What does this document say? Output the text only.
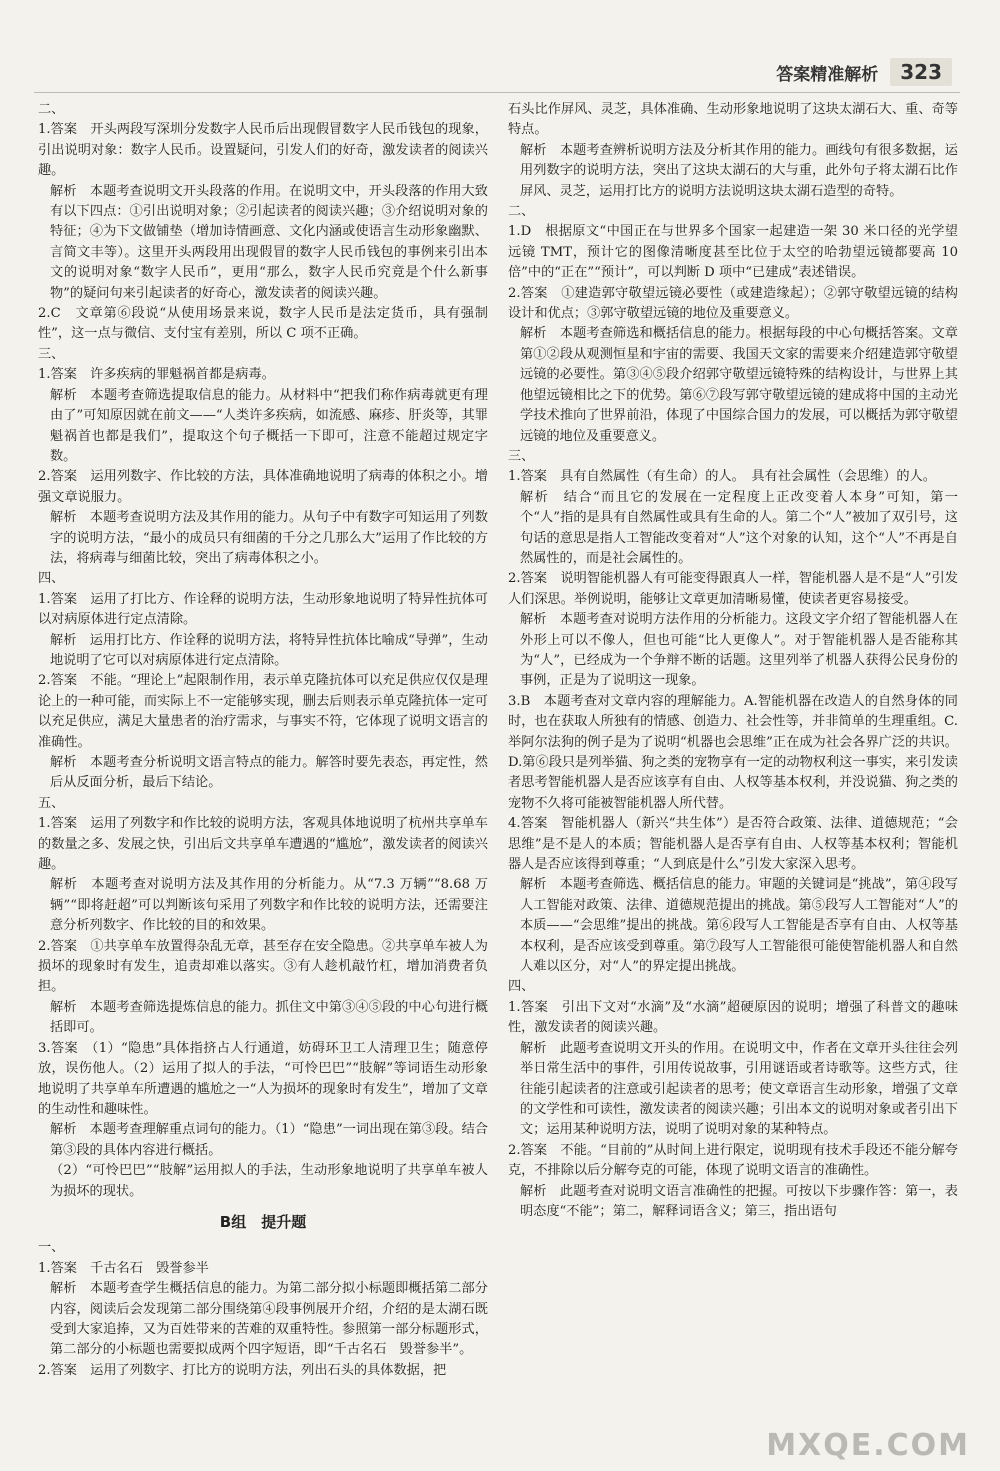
答案精准解析	323
二、
1.答案　开头两段写深圳分发数字人民币后出现假冒数字人民币钱包的现象，引出说明对象：数字人民币。设置疑问，引发人们的好奇，激发读者的阅读兴趣。
解析　本题考查说明文开头段落的作用。在说明文中，开头段落的作用大致有以下四点：①引出说明对象；②引起读者的阅读兴趣；③介绍说明对象的特征；④为下文做铺垫（增加诗情画意、文化内涵或使语言生动形象幽默、言简文丰等）。这里开头两段用出现假冒的数字人民币钱包的事例来引出本文的说明对象“数字人民币”，更用“那么，数字人民币究竟是个什么新事物”的疑问句来引起读者的好奇心，激发读者的阅读兴趣。
2.C　文章第⑥段说“从使用场景来说，数字人民币是法定货币，具有强制性”，这一点与微信、支付宝有差别，所以 C 项不正确。
三、
1.答案　许多疾病的罪魁祸首都是病毒。
解析　本题考查筛选提取信息的能力。从材料中“把我们称作病毒就更有理由了”可知原因就在前文——“人类许多疾病，如流感、麻疹、肝炎等，其罪魁祸首也都是我们”，提取这个句子概括一下即可，注意不能超过规定字数。
2.答案　运用列数字、作比较的方法，具体准确地说明了病毒的体积之小。增强文章说服力。
解析　本题考查说明方法及其作用的能力。从句子中有数字可知运用了列数字的说明方法，“最小的成员只有细菌的千分之几那么大”运用了作比较的方法，将病毒与细菌比较，突出了病毒体积之小。
四、
1.答案　运用了打比方、作诠释的说明方法，生动形象地说明了特异性抗体可以对病原体进行定点清除。
解析　运用打比方、作诠释的说明方法，将特异性抗体比喻成“导弹”，生动地说明了它可以对病原体进行定点清除。
2.答案　不能。“理论上”起限制作用，表示单克隆抗体可以充足供应仅仅是理论上的一种可能，而实际上不一定能够实现，删去后则表示单克隆抗体一定可以充足供应，满足大量患者的治疗需求，与事实不符，它体现了说明文语言的准确性。
解析　本题考查分析说明文语言特点的能力。解答时要先表态，再定性，然后从反面分析，最后下结论。
五、
1.答案　运用了列数字和作比较的说明方法，客观具体地说明了杭州共享单车的数量之多、发展之快，引出后文共享单车遭遇的“尴尬”，激发读者的阅读兴趣。
解析　本题考查对说明方法及其作用的分析能力。从“7.3 万辆”“8.68 万辆”“即将赶超”可以判断该句采用了列数字和作比较的说明方法，还需要注意分析列数字、作比较的目的和效果。
2.答案　①共享单车放置得杂乱无章，甚至存在安全隐患。②共享单车被人为损坏的现象时有发生，追责却难以落实。③有人趁机敲竹杠，增加消费者负担。
解析　本题考查筛选提炼信息的能力。抓住文中第③④⑤段的中心句进行概括即可。
3.答案　（1）“隐患”具体指挤占人行通道，妨碍环卫工人清理卫生；随意停放，误伤他人。（2）运用了拟人的手法，“可怜巴巴”“肢解”等词语生动形象地说明了共享单车所遭遇的尴尬之一“人为损坏的现象时有发生”，增加了文章的生动性和趣味性。
解析　本题考查理解重点词句的能力。（1）“隐患”一词出现在第③段。结合第③段的具体内容进行概括。
（2）“可怜巴巴”“肢解”运用拟人的手法，生动形象地说明了共享单车被人为损坏的现状。
B组　提升题
一、
1.答案　千古名石　毁誉参半
解析　本题考查学生概括信息的能力。为第二部分拟小标题即概括第二部分内容，阅读后会发现第二部分围绕第④段事例展开介绍，介绍的是太湖石既受到大家追捧，又为百姓带来的苦难的双重特性。参照第一部分标题形式，第二部分的小标题也需要拟成两个四字短语，即“千古名石　毁誉参半”。
2.答案　运用了列数字、打比方的说明方法，列出石头的具体数据，把
石头比作屏风、灵芝，具体准确、生动形象地说明了这块太湖石大、重、奇等特点。
解析　本题考查辨析说明方法及分析其作用的能力。画线句有很多数据，运用列数字的说明方法，突出了这块太湖石的大与重，此外句子将太湖石比作屏风、灵芝，运用打比方的说明方法说明这块太湖石造型的奇特。
二、
1.D　根据原文“中国正在与世界多个国家一起建造一架 30 米口径的光学望远镜 TMT，预计它的图像清晰度甚至比位于太空的哈勃望远镜都要高 10 倍”中的“正在”“预计”，可以判断 D 项中“已建成”表述错误。
2.答案　①建造郭守敬望远镜必要性（或建造缘起）；②郭守敬望远镜的结构设计和优点；③郭守敬望远镜的地位及重要意义。
解析　本题考查筛选和概括信息的能力。根据每段的中心句概括答案。文章第①②段从观测恒星和宇宙的需要、我国天文家的需要来介绍建造郭守敬望远镜的必要性。第③④⑤段介绍郭守敬望远镜特殊的结构设计，与世界上其他望远镜相比之下的优势。第⑥⑦段写郭守敬望远镜的建成将中国的主动光学技术推向了世界前沿，体现了中国综合国力的发展，可以概括为郭守敬望远镜的地位及重要意义。
三、
1.答案　具有自然属性（有生命）的人。　具有社会属性（会思维）的人。
解析　结合“而且它的发展在一定程度上正改变着人本身”可知，第一个“人”指的是具有自然属性或具有生命的人。第二个“人”被加了双引号，这句话的意思是指人工智能改变着对“人”这个对象的认知，这个“人”不再是自然属性的，而是社会属性的。
2.答案　说明智能机器人有可能变得跟真人一样，智能机器人是不是“人”引发人们深思。举例说明，能够让文章更加清晰易懂，使读者更容易接受。
解析　本题考查对说明方法作用的分析能力。这段文字介绍了智能机器人在外形上可以不像人，但也可能“比人更像人”。对于智能机器人是否能称其为“人”，已经成为一个争辩不断的话题。这里列举了机器人获得公民身份的事例，正是为了说明这一现象。
3.B　本题考查对文章内容的理解能力。A.智能机器在改造人的自然身体的同时，也在获取人所独有的情感、创造力、社会性等，并非简单的生理重组。C.举阿尔法狗的例子是为了说明“机器也会思维”正在成为社会各界广泛的共识。D.第⑥段只是列举猫、狗之类的宠物享有一定的动物权利这一事实，来引发读者思考智能机器人是否应该享有自由、人权等基本权利，并没说猫、狗之类的宠物不久将可能被智能机器人所代替。
4.答案　智能机器人（新兴“共生体”）是否符合政策、法律、道德规范；“会思维”是不是人的本质；智能机器人是否享有自由、人权等基本权利；智能机器人是否应该得到尊重；“人到底是什么”引发大家深入思考。
解析　本题考查筛选、概括信息的能力。审题的关键词是“挑战”，第④段写人工智能对政策、法律、道德规范提出的挑战。第⑤段写人工智能对“人”的本质——“会思维”提出的挑战。第⑥段写人工智能是否享有自由、人权等基本权利，是否应该受到尊重。第⑦段写人工智能很可能使智能机器人和自然人难以区分，对“人”的界定提出挑战。
四、
1.答案　引出下文对“水滴”及“水滴”超硬原因的说明；增强了科普文的趣味性，激发读者的阅读兴趣。
解析　此题考查说明文开头的作用。在说明文中，作者在文章开头往往会列举日常生活中的事件，引用传说故事，引用谜语或者诗歌等。这些方式，往往能引起读者的注意或引起读者的思考；使文章语言生动形象，增强了文章的文学性和可读性，激发读者的阅读兴趣；引出本文的说明对象或者引出下文；运用某种说明方法，说明了说明对象的某种特点。
2.答案　不能。“目前的”从时间上进行限定，说明现有技术手段还不能分解夸克，不排除以后分解夸克的可能，体现了说明文语言的准确性。
解析　此题考查对说明文语言准确性的把握。可按以下步骤作答：第一，表明态度“不能”；第二，解释词语含义；第三，指出语句
MXQE.COM
